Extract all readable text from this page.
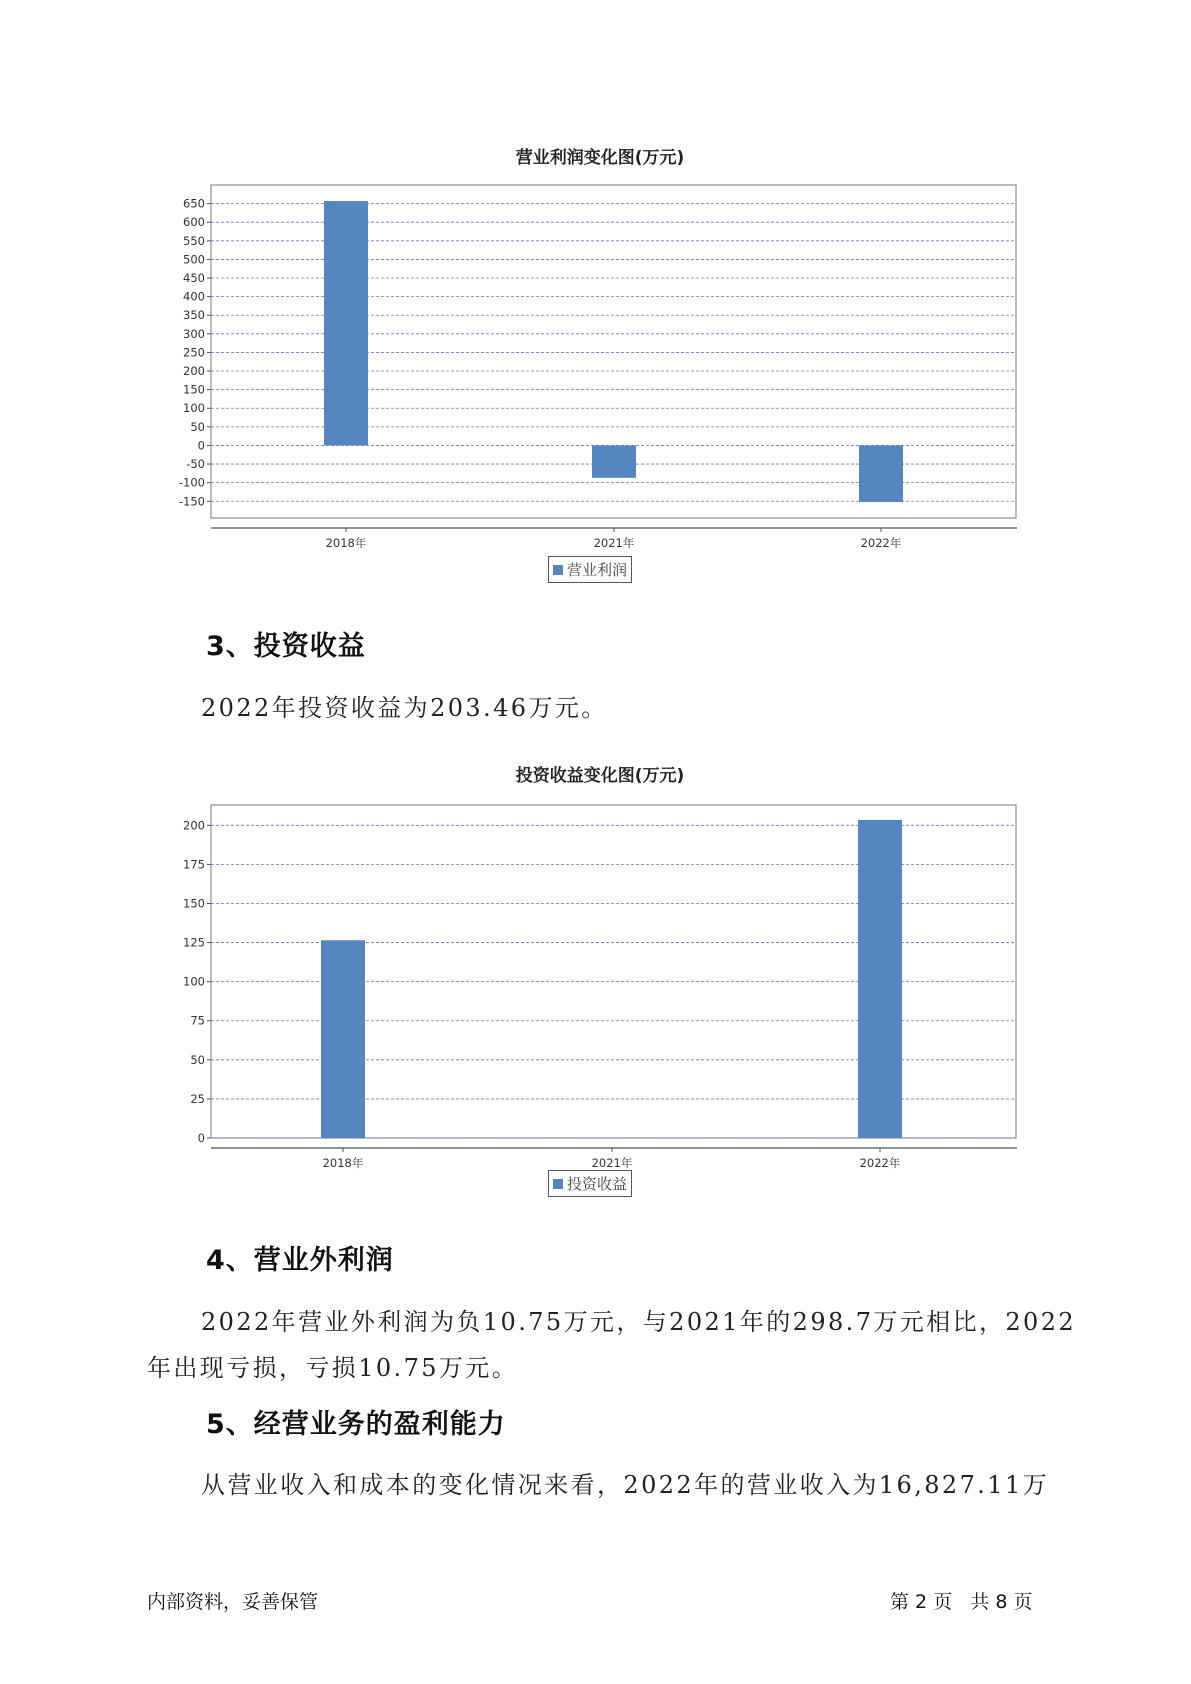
营业利润变化图(万元)
650
600
550
500
450
400
350
300
250
200
150
100
50
0
-50
-100
-150
2018年	2021年	2022年
营业利润
3、投资收益
2022年投资收益为203.46万元。
投资收益变化图(万元)
200
175
150
125
100
75
50
25
0
2018年	2021年	2022年
投资收益
4、营业外利润
2022年营业外利润为负10.75万元，与2021年的298.7万元相比，2022
年出现亏损，亏损10.75万元。
5、经营业务的盈利能力
从营业收入和成本的变化情况来看，2022年的营业收入为16,827.11万
内部资料，妥善保管	第 2 页   共 8 页
